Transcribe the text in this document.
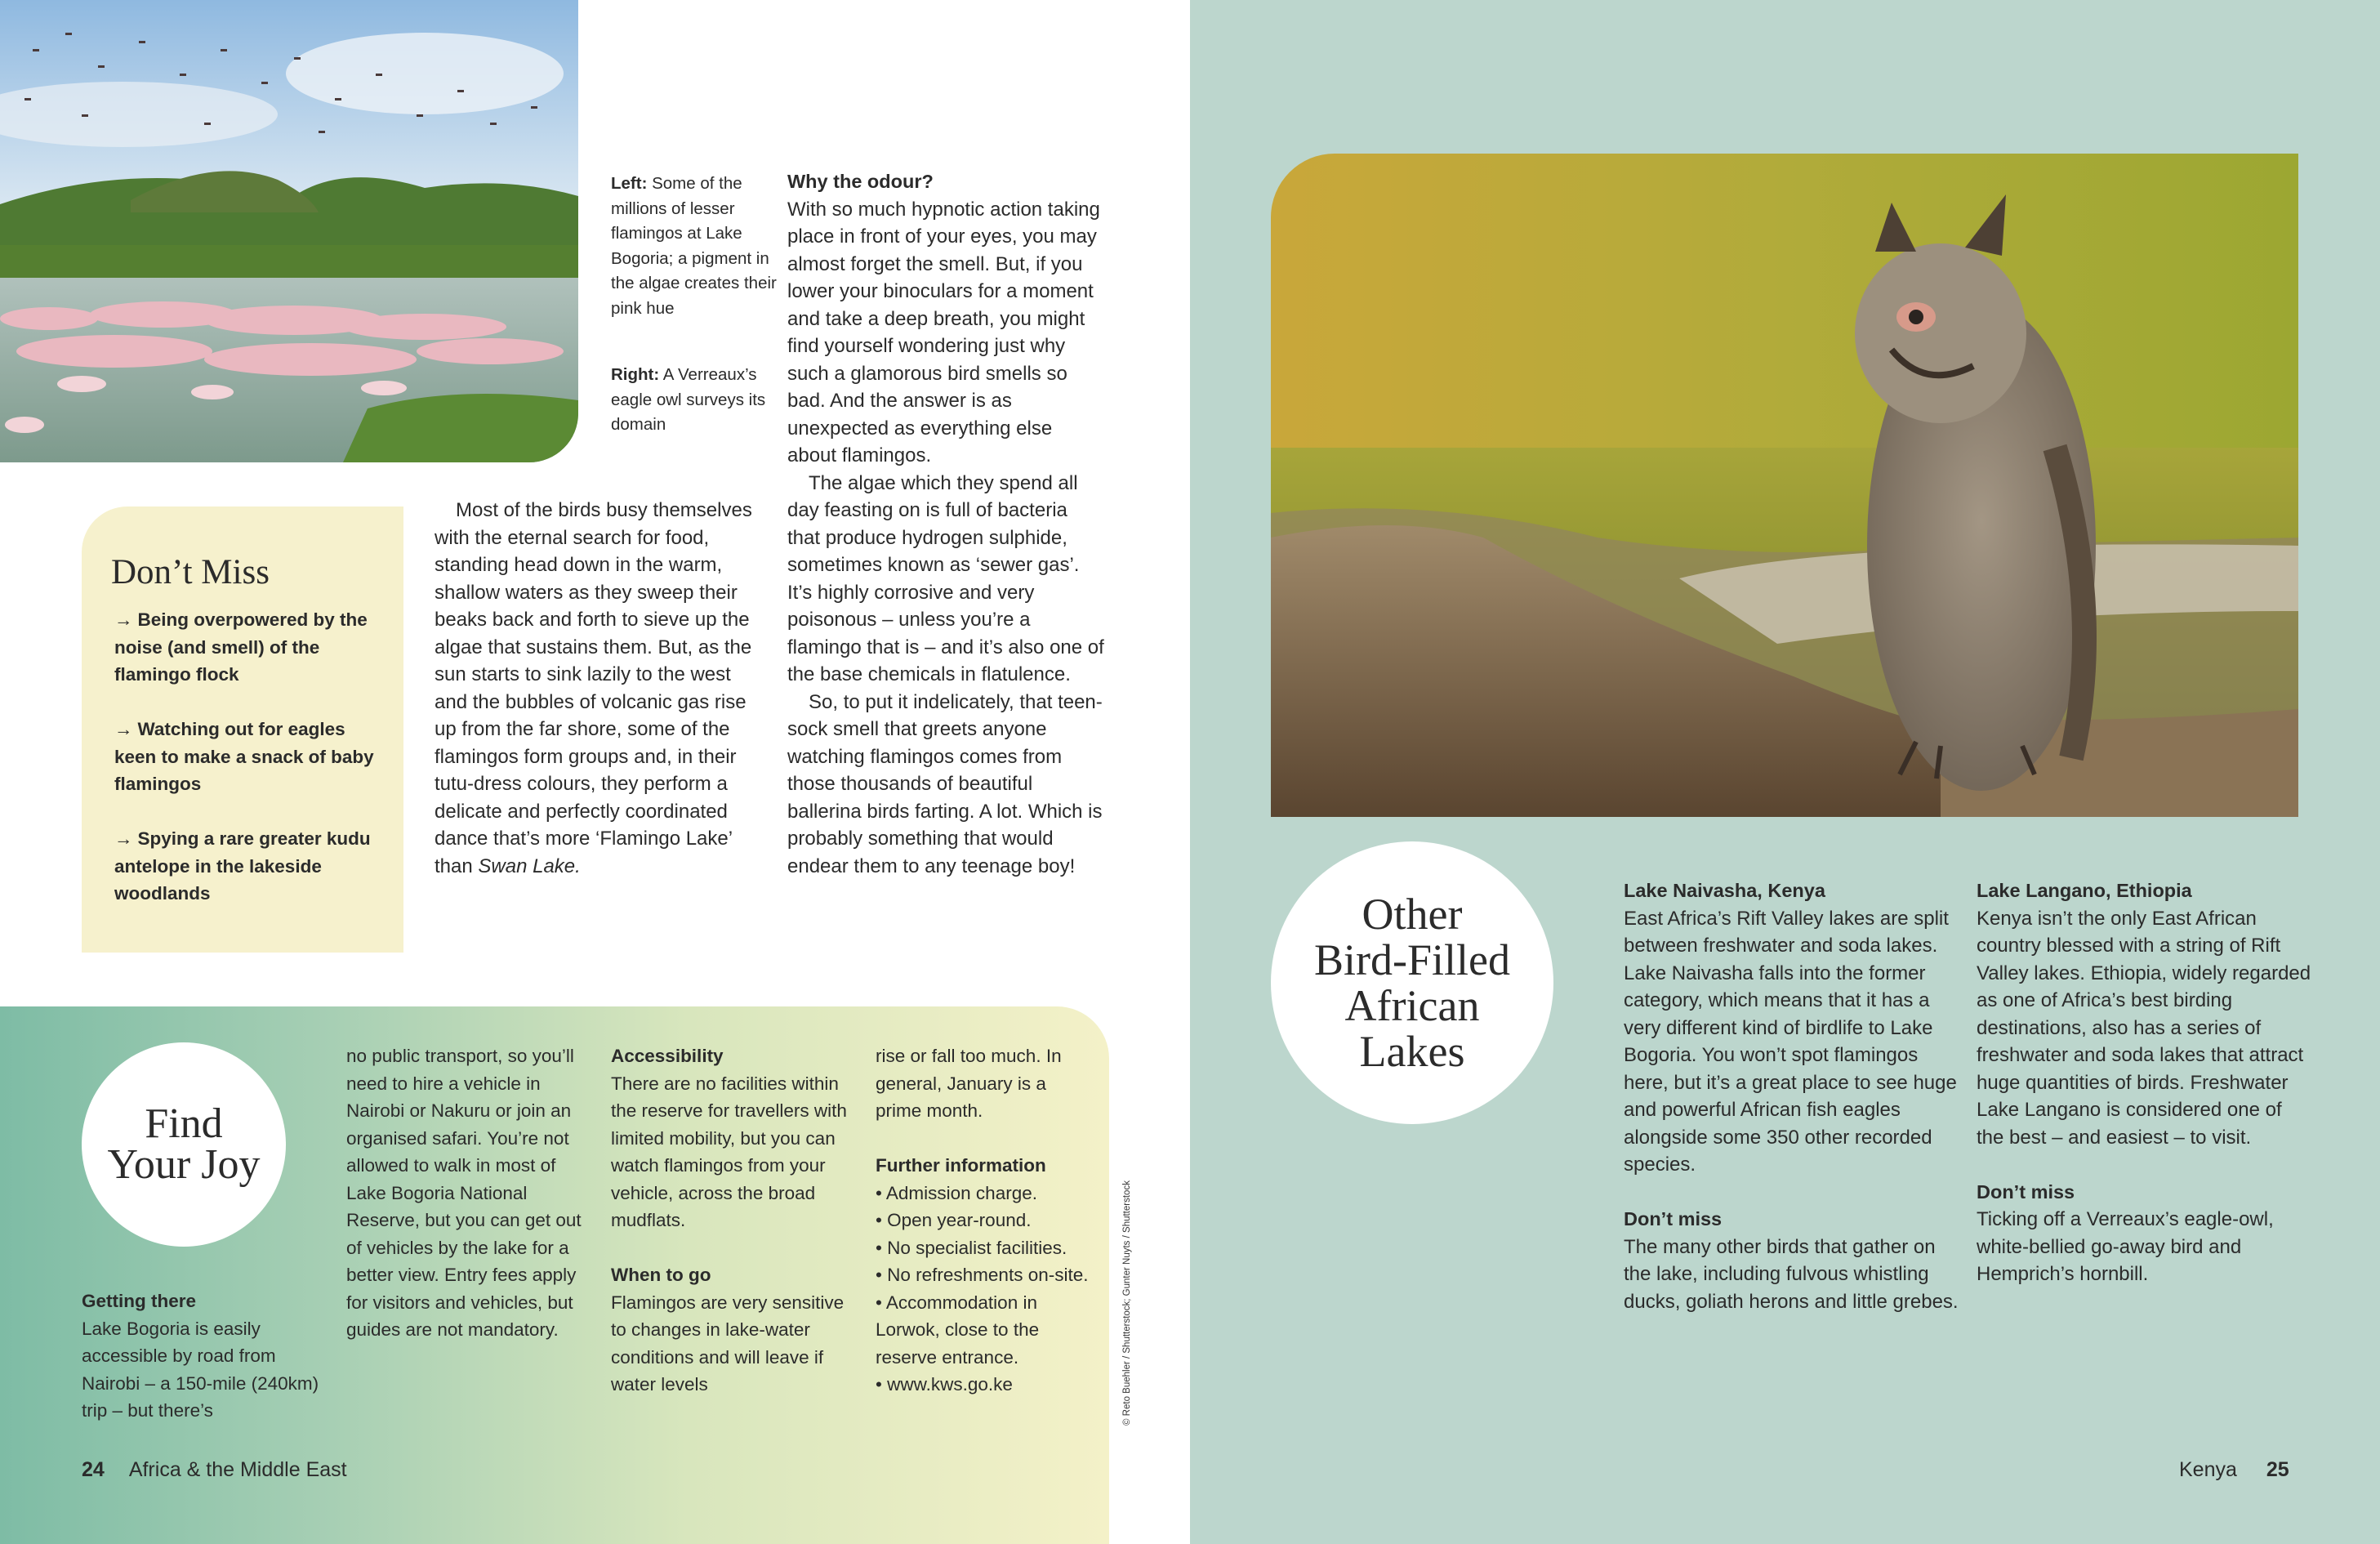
Left: Some of the millions of lesser flamingos at Lake Bogoria; a pigment in the algae creates their pink hue
Right: A Verreaux’s eagle owl surveys its domain
Don’t Miss
→ Being overpowered by the noise (and smell) of the flamingo flock
→ Watching out for eagles keen to make a snack of baby flamingos
→ Spying a rare greater kudu antelope in the lakeside woodlands

Most of the birds busy themselves with the eternal search for food, standing head down in the warm, shallow waters as they sweep their beaks back and forth to sieve up the algae that sustains them. But, as the sun starts to sink lazily to the west and the bubbles of volcanic gas rise up from the far shore, some of the flamingos form groups and, in their tutu-dress colours, they perform a delicate and perfectly coordinated dance that’s more ‘Flamingo Lake’ than Swan Lake.

Why the odour?

With so much hypnotic action taking place in front of your eyes, you may almost forget the smell. But, if you lower your binoculars for a moment and take a deep breath, you might find yourself wondering just why such a glamorous bird smells so bad. And the answer is as unexpected as everything else about flamingos.

The algae which they spend all day feasting on is full of bacteria that produce hydrogen sulphide, sometimes known as ‘sewer gas’. It’s highly corrosive and very poisonous – unless you’re a flamingo that is – and it’s also one of the base chemicals in flatulence.

So, to put it indelicately, that teen-sock smell that greets anyone watching flamingos comes from those thousands of beautiful ballerina birds farting. A lot. Which is probably something that would endear them to any teenage boy!

Find
Your Joy
Getting there
Lake Bogoria is easily accessible by road from Nairobi – a 150-mile (240km) trip – but there’s
no public transport, so you’ll need to hire a vehicle in Nairobi or Nakuru or join an organised safari. You’re not allowed to walk in most of Lake Bogoria National Reserve, but you can get out of vehicles by the lake for a better view. Entry fees apply for visitors and vehicles, but guides are not mandatory.
Accessibility
There are no facilities within the reserve for travellers with limited mobility, but you can watch flamingos from your vehicle, across the broad mudflats.
When to go
Flamingos are very sensitive to changes in lake-water conditions and will leave if water levels
rise or fall too much. In general, January is a prime month.
Further information
• Admission charge.
• Open year-round.
• No specialist facilities.
• No refreshments on-site.
• Accommodation in Lorwok, close to the reserve entrance.
• www.kws.go.ke	© Reto Buehler / Shutterstock; Gunter Nuyts / Shutterstock
24 Africa & the Middle East	Kenya 25
Other
Bird-Filled
African
Lakes
Lake Naivasha, Kenya
East Africa’s Rift Valley lakes are split between freshwater and soda lakes. Lake Naivasha falls into the former category, which means that it has a very different kind of birdlife to Lake Bogoria. You won’t spot flamingos here, but it’s a great place to see huge and powerful African fish eagles alongside some 350 other recorded species.
Don’t miss
The many other birds that gather on the lake, including fulvous whistling ducks, goliath herons and little grebes.
Lake Langano, Ethiopia
Kenya isn’t the only East African country blessed with a string of Rift Valley lakes. Ethiopia, widely regarded as one of Africa’s best birding destinations, also has a series of freshwater and soda lakes that attract huge quantities of birds. Freshwater Lake Langano is considered one of the best – and easiest – to visit.
Don’t miss
Ticking off a Verreaux’s eagle-owl, white-bellied go-away bird and Hemprich’s hornbill.
